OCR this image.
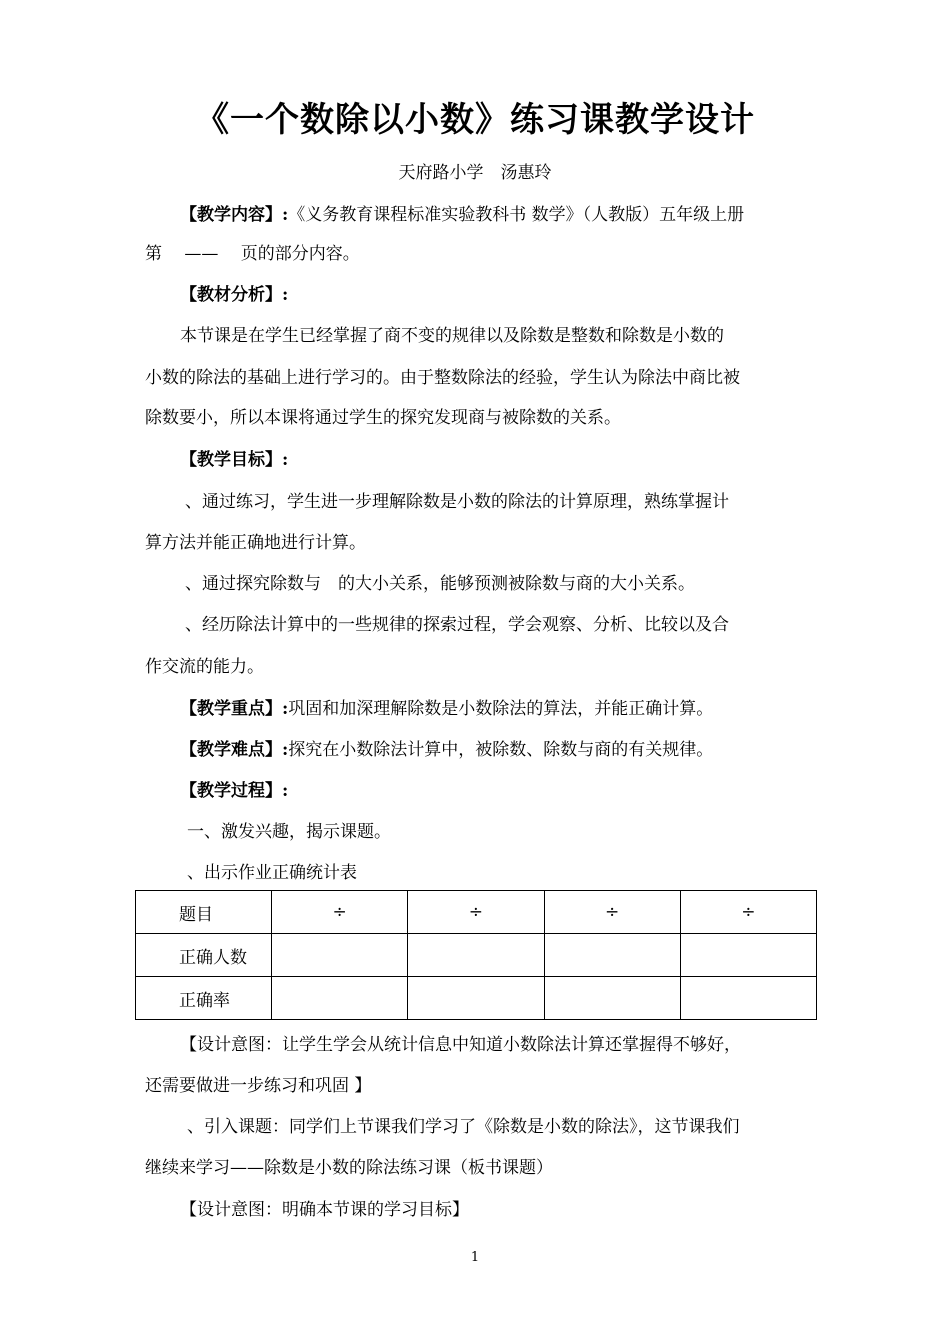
《一个数除以小数》练习课教学设计
天府路小学　汤惠玲
【教学内容】:《义务教育课程标准实验教科书 数学》（人教版）五年级上册
第　 ——　 页的部分内容。
【教材分析】:
本节课是在学生已经掌握了商不变的规律以及除数是整数和除数是小数的
小数的除法的基础上进行学习的。由于整数除法的经验，学生认为除法中商比被
除数要小，所以本课将通过学生的探究发现商与被除数的关系。
【教学目标】:
、通过练习，学生进一步理解除数是小数的除法的计算原理，熟练掌握计
算方法并能正确地进行计算。
、通过探究除数与　的大小关系，能够预测被除数与商的大小关系。
、经历除法计算中的一些规律的探索过程，学会观察、分析、比较以及合
作交流的能力。
【教学重点】:巩固和加深理解除数是小数除法的算法，并能正确计算。
【教学难点】:探究在小数除法计算中，被除数、除数与商的有关规律。
【教学过程】:
一、激发兴趣，揭示课题。
、出示作业正确统计表
题目	÷	÷	÷	÷
正确人数				
正确率				
【设计意图：让学生学会从统计信息中知道小数除法计算还掌握得不够好，
还需要做进一步练习和巩固 】
、引入课题：同学们上节课我们学习了《除数是小数的除法》，这节课我们
继续来学习——除数是小数的除法练习课（板书课题）
【设计意图：明确本节课的学习目标】
1
